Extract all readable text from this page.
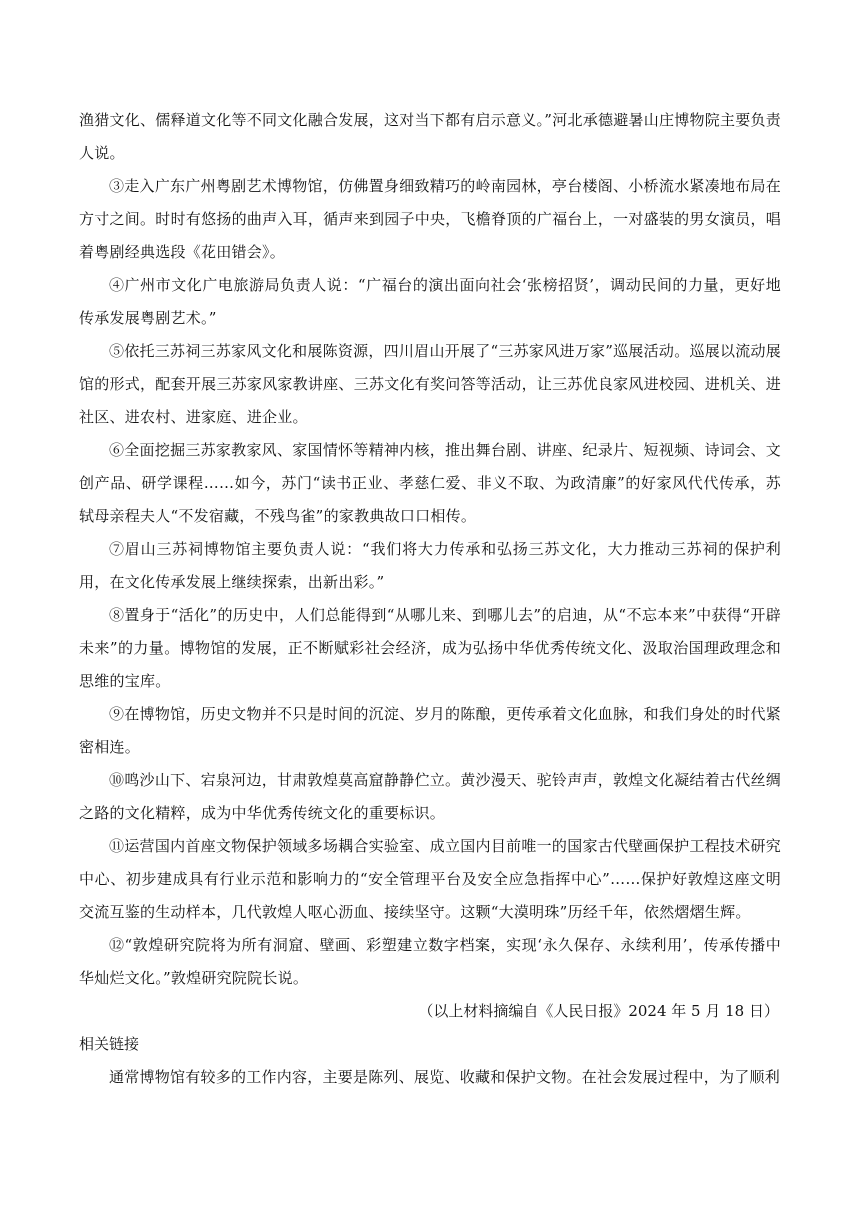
渔猎文化、儒释道文化等不同文化融合发展，这对当下都有启示意义。”河北承德避暑山庄博物院主要负责人说。

③走入广东广州粤剧艺术博物馆，仿佛置身细致精巧的岭南园林，亭台楼阁、小桥流水紧凑地布局在方寸之间。时时有悠扬的曲声入耳，循声来到园子中央，飞檐脊顶的广福台上，一对盛装的男女演员，唱着粤剧经典选段《花田错会》。

④广州市文化广电旅游局负责人说：“广福台的演出面向社会‘张榜招贤’，调动民间的力量，更好地传承发展粤剧艺术。”

⑤依托三苏祠三苏家风文化和展陈资源，四川眉山开展了“三苏家风进万家”巡展活动。巡展以流动展馆的形式，配套开展三苏家风家教讲座、三苏文化有奖问答等活动，让三苏优良家风进校园、进机关、进社区、进农村、进家庭、进企业。

⑥全面挖掘三苏家教家风、家国情怀等精神内核，推出舞台剧、讲座、纪录片、短视频、诗词会、文创产品、研学课程……如今，苏门“读书正业、孝慈仁爱、非义不取、为政清廉”的好家风代代传承，苏轼母亲程夫人“不发宿藏，不残鸟雀”的家教典故口口相传。

⑦眉山三苏祠博物馆主要负责人说：“我们将大力传承和弘扬三苏文化，大力推动三苏祠的保护利用，在文化传承发展上继续探索，出新出彩。”

⑧置身于“活化”的历史中，人们总能得到“从哪儿来、到哪儿去”的启迪，从“不忘本来”中获得“开辟未来”的力量。博物馆的发展，正不断赋彩社会经济，成为弘扬中华优秀传统文化、汲取治国理政理念和思维的宝库。

⑨在博物馆，历史文物并不只是时间的沉淀、岁月的陈酿，更传承着文化血脉，和我们身处的时代紧密相连。

⑩鸣沙山下、宕泉河边，甘肃敦煌莫高窟静静伫立。黄沙漫天、驼铃声声，敦煌文化凝结着古代丝绸之路的文化精粹，成为中华优秀传统文化的重要标识。

⑪运营国内首座文物保护领域多场耦合实验室、成立国内目前唯一的国家古代壁画保护工程技术研究中心、初步建成具有行业示范和影响力的“安全管理平台及安全应急指挥中心”……保护好敦煌这座文明交流互鉴的生动样本，几代敦煌人呕心沥血、接续坚守。这颗“大漠明珠”历经千年，依然熠熠生辉。

⑫“敦煌研究院将为所有洞窟、壁画、彩塑建立数字档案，实现‘永久保存、永续利用’，传承传播中华灿烂文化。”敦煌研究院院长说。

（以上材料摘编自《人民日报》2024 年 5 月 18 日）

相关链接

通常博物馆有较多的工作内容，主要是陈列、展览、收藏和保护文物。在社会发展过程中，为了顺利
